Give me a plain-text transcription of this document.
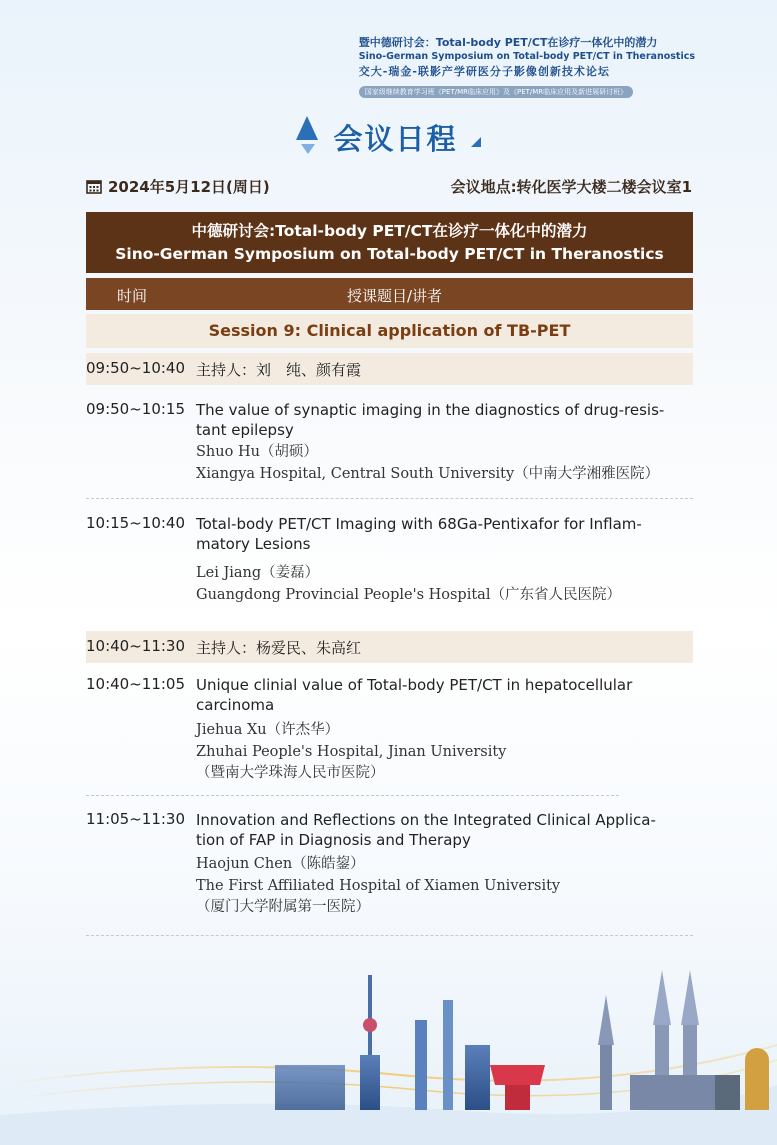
暨中德研讨会：Total-body PET/CT在诊疗一体化中的潜力
Sino-German Symposium on Total-body PET/CT in Theranostics
交大-瑞金-联影产学研医分子影像创新技术论坛
国家级继续教育学习班《PET/MR临床应用》及《PET/MR临床应用及新进展研讨班》
会议日程
2024年5月12日(周日)	会议地点:转化医学大楼二楼会议室1
中德研讨会:Total-body PET/CT在诊疗一体化中的潜力
Sino-German Symposium on Total-body PET/CT in Theranostics
时间	授课题目/讲者
Session 9: Clinical application of TB-PET
09:50~10:40 主持人：刘　纯、颜有霞
09:50~10:15 The value of synaptic imaging in the diagnostics of drug-resis-
tant epilepsy
Shuo Hu（胡硕）
Xiangya Hospital, Central South University（中南大学湘雅医院）
10:15~10:40 Total-body PET/CT Imaging with 68Ga-Pentixafor for Inflam-
matory Lesions
Lei Jiang（姜磊）
Guangdong Provincial People's Hospital（广东省人民医院）
10:40~11:30 主持人：杨爱民、朱高红
10:40~11:05 Unique clinial value of Total-body PET/CT in hepatocellular
carcinoma
Jiehua Xu（许杰华）
Zhuhai People's Hospital, Jinan University
（暨南大学珠海人民市医院）
11:05~11:30 Innovation and Reflections on the Integrated Clinical Applica-
tion of FAP in Diagnosis and Therapy
Haojun Chen（陈皓鋆）
The First Affiliated Hospital of Xiamen University
（厦门大学附属第一医院）
